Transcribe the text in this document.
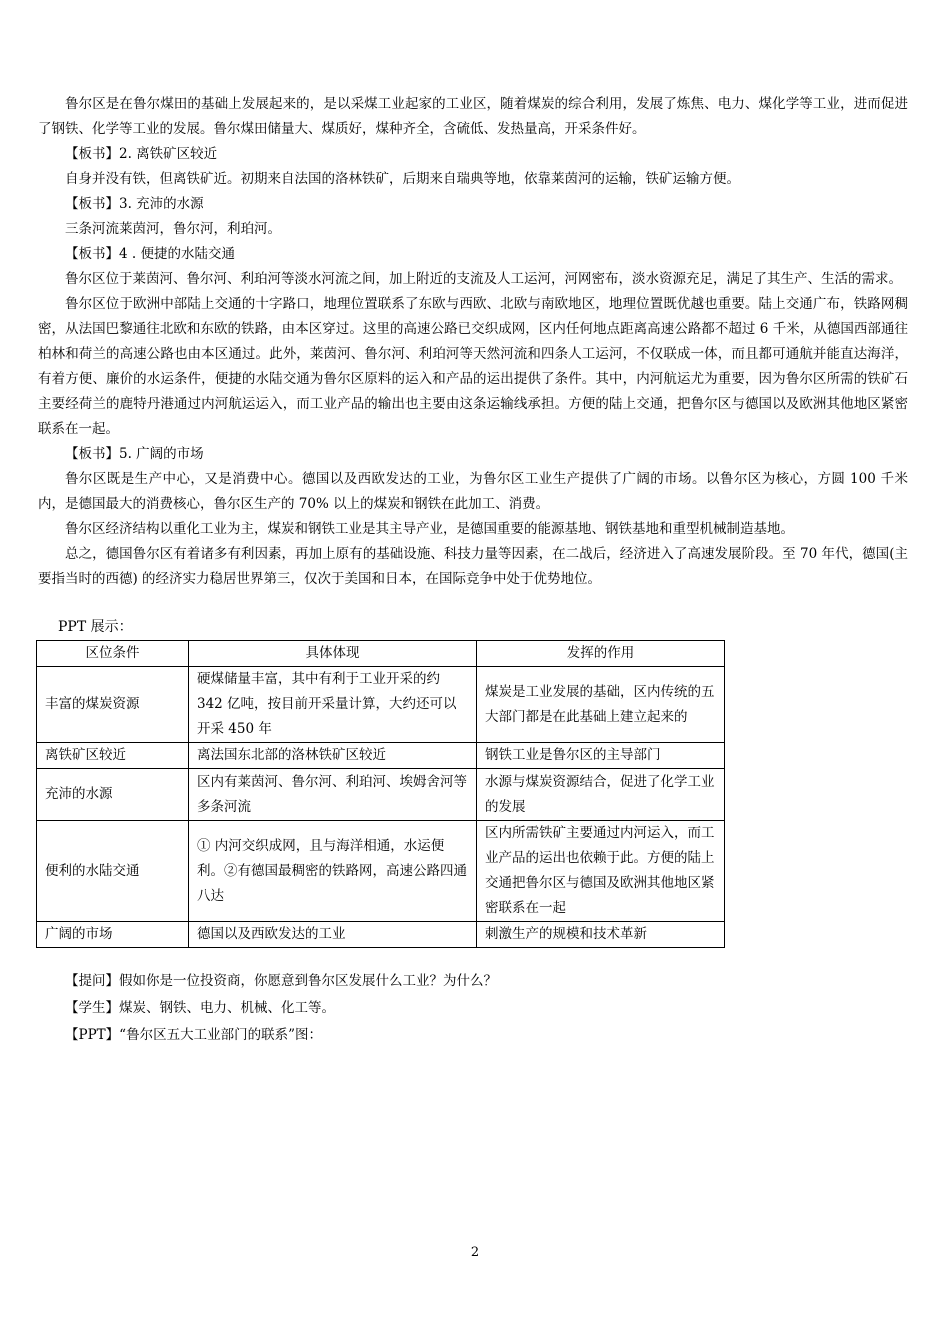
鲁尔区是在鲁尔煤田的基础上发展起来的，是以采煤工业起家的工业区，随着煤炭的综合利用，发展了炼焦、电力、煤化学等工业，进而促进了钢铁、化学等工业的发展。鲁尔煤田储量大、煤质好，煤种齐全，含硫低、发热量高，开采条件好。

【板书】2. 离铁矿区较近

自身并没有铁，但离铁矿近。初期来自法国的洛林铁矿，后期来自瑞典等地，依靠莱茵河的运输，铁矿运输方便。

【板书】3. 充沛的水源

三条河流莱茵河，鲁尔河，利珀河。

【板书】4 . 便捷的水陆交通

鲁尔区位于莱茵河、鲁尔河、利珀河等淡水河流之间，加上附近的支流及人工运河，河网密布，淡水资源充足，满足了其生产、生活的需求。

鲁尔区位于欧洲中部陆上交通的十字路口，地理位置联系了东欧与西欧、北欧与南欧地区，地理位置既优越也重要。陆上交通广布，铁路网稠密，从法国巴黎通往北欧和东欧的铁路，由本区穿过。这里的高速公路已交织成网，区内任何地点距离高速公路都不超过 6 千米，从德国西部通往柏林和荷兰的高速公路也由本区通过。此外，莱茵河、鲁尔河、利珀河等天然河流和四条人工运河，不仅联成一体，而且都可通航并能直达海洋，有着方便、廉价的水运条件，便捷的水陆交通为鲁尔区原料的运入和产品的运出提供了条件。其中，内河航运尤为重要，因为鲁尔区所需的铁矿石主要经荷兰的鹿特丹港通过内河航运运入，而工业产品的输出也主要由这条运输线承担。方便的陆上交通，把鲁尔区与德国以及欧洲其他地区紧密联系在一起。

【板书】5. 广阔的市场

鲁尔区既是生产中心，又是消费中心。德国以及西欧发达的工业，为鲁尔区工业生产提供了广阔的市场。以鲁尔区为核心，方圆 100 千米内，是德国最大的消费核心，鲁尔区生产的 70% 以上的煤炭和钢铁在此加工、消费。

鲁尔区经济结构以重化工业为主，煤炭和钢铁工业是其主导产业，是德国重要的能源基地、钢铁基地和重型机械制造基地。

总之，德国鲁尔区有着诸多有利因素，再加上原有的基础设施、科技力量等因素，在二战后，经济进入了高速发展阶段。至 70 年代，德国(主要指当时的西德) 的经济实力稳居世界第三，仅次于美国和日本，在国际竞争中处于优势地位。

PPT 展示：

区位条件	具体体现	发挥的作用
丰富的煤炭资源	硬煤储量丰富，其中有利于工业开采的约 342 亿吨，按目前开采量计算，大约还可以开采 450 年	煤炭是工业发展的基础，区内传统的五大部门都是在此基础上建立起来的
离铁矿区较近	离法国东北部的洛林铁矿区较近	钢铁工业是鲁尔区的主导部门
充沛的水源	区内有莱茵河、鲁尔河、利珀河、埃姆舍河等多条河流	水源与煤炭资源结合，促进了化学工业的发展
便利的水陆交通	① 内河交织成网，且与海洋相通，水运便利。②有德国最稠密的铁路网，高速公路四通八达	区内所需铁矿主要通过内河运入，而工业产品的运出也依赖于此。方便的陆上交通把鲁尔区与德国及欧洲其他地区紧密联系在一起
广阔的市场	德国以及西欧发达的工业	刺激生产的规模和技术革新

【提问】假如你是一位投资商，你愿意到鲁尔区发展什么工业？为什么？

【学生】煤炭、钢铁、电力、机械、化工等。

【PPT】“鲁尔区五大工业部门的联系”图：

2
